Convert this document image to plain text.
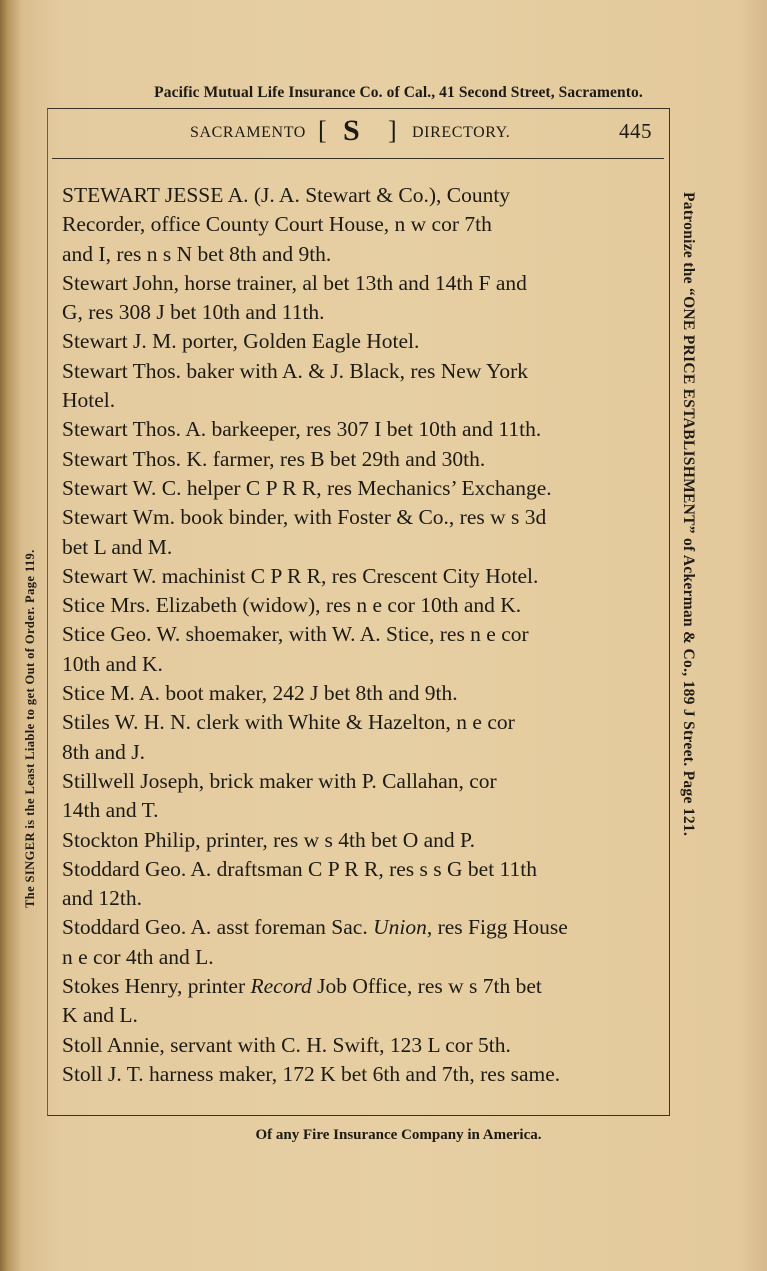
Pacific Mutual Life Insurance Co. of Cal., 41 Second Street, Sacramento.
SACRAMENTO [ S ] DIRECTORY.	445
STEWART JESSE A. (J. A. Stewart & Co.), County
Recorder, office County Court House, n w cor 7th
and I, res n s N bet 8th and 9th.
Stewart John, horse trainer, al bet 13th and 14th F and
G, res 308 J bet 10th and 11th.
Stewart J. M. porter, Golden Eagle Hotel.
Stewart Thos. baker with A. & J. Black, res New York
Hotel.
Stewart Thos. A. barkeeper, res 307 I bet 10th and 11th.
Stewart Thos. K. farmer, res B bet 29th and 30th.
Stewart W. C. helper C P R R, res Mechanics’ Exchange.
Stewart Wm. book binder, with Foster & Co., res w s 3d
bet L and M.
Stewart W. machinist C P R R, res Crescent City Hotel.
Stice Mrs. Elizabeth (widow), res n e cor 10th and K.
Stice Geo. W. shoemaker, with W. A. Stice, res n e cor
10th and K.
Stice M. A. boot maker, 242 J bet 8th and 9th.
Stiles W. H. N. clerk with White & Hazelton, n e cor
8th and J.
Stillwell Joseph, brick maker with P. Callahan, cor
14th and T.
Stockton Philip, printer, res w s 4th bet O and P.
Stoddard Geo. A. draftsman C P R R, res s s G bet 11th
and 12th.
Stoddard Geo. A. asst foreman Sac. Union, res Figg House
n e cor 4th and L.
Stokes Henry, printer Record Job Office, res w s 7th bet
K and L.
Stoll Annie, servant with C. H. Swift, 123 L cor 5th.
Stoll J. T. harness maker, 172 K bet 6th and 7th, res same.
The SINGER is the Least Liable to get Out of Order. Page 119.	Patronize the “ONE PRICE ESTABLISHMENT” of Ackerman & Co., 189 J Street. Page 121.
Of any Fire Insurance Company in America.
